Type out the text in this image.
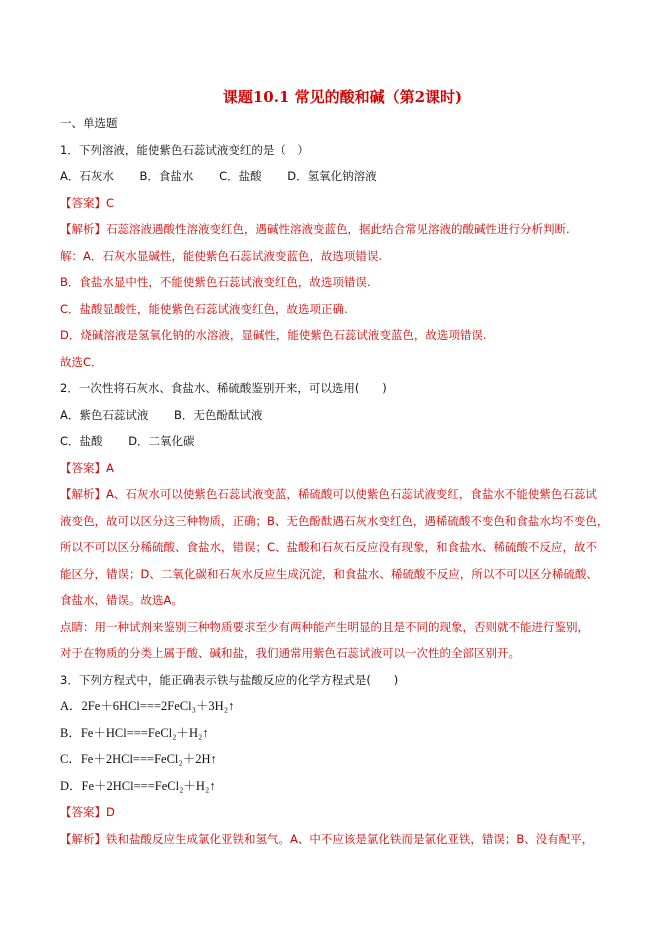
课题10.1 常见的酸和碱（第2课时)
一、单选题
1．下列溶液，能使紫色石蕊试液变红的是（　）
A．石灰水 B．食盐水 C．盐酸 D．氢氧化钠溶液
【答案】C
【解析】石蕊溶液遇酸性溶液变红色，遇碱性溶液变蓝色，据此结合常见溶液的酸碱性进行分析判断.
解：A．石灰水显碱性，能使紫色石蕊试液变蓝色，故选项错误.
B．食盐水显中性，不能使紫色石蕊试液变红色，故选项错误.
C．盐酸显酸性，能使紫色石蕊试液变红色，故选项正确.
D．烧碱溶液是氢氧化钠的水溶液，显碱性，能使紫色石蕊试液变蓝色，故选项错误.
故选C．
2．一次性将石灰水、食盐水、稀硫酸鉴别开来，可以选用(　　)
A．紫色石蕊试液 B．无色酚酞试液
C．盐酸 D．二氧化碳
【答案】A
【解析】A、石灰水可以使紫色石蕊试液变蓝，稀硫酸可以使紫色石蕊试液变红，食盐水不能使紫色石蕊试
液变色，故可以区分这三种物质，正确；B、无色酚酞遇石灰水变红色，遇稀硫酸不变色和食盐水均不变色，
所以不可以区分稀硫酸、食盐水，错误；C、盐酸和石灰石反应没有现象，和食盐水、稀硫酸不反应，故不
能区分，错误；D、二氧化碳和石灰水反应生成沉淀，和食盐水、稀硫酸不反应，所以不可以区分稀硫酸、
食盐水，错误。故选A。
点睛：用一种试剂来鉴别三种物质要求至少有两种能产生明显的且是不同的现象，否则就不能进行鉴别，
对于在物质的分类上属于酸、碱和盐，我们通常用紫色石蕊试液可以一次性的全部区别开。
3．下列方程式中，能正确表示铁与盐酸反应的化学方程式是(　　)
A．2Fe＋6HCl===2FeCl₃＋3H₂↑
B．Fe＋HCl===FeCl₂＋H₂↑
C．Fe＋2HCl===FeCl₂＋2H↑
D．Fe＋2HCl===FeCl₂＋H₂↑
【答案】D
【解析】铁和盐酸反应生成氯化亚铁和氢气。A、中不应该是氯化铁而是氯化亚铁，错误；B、没有配平，
